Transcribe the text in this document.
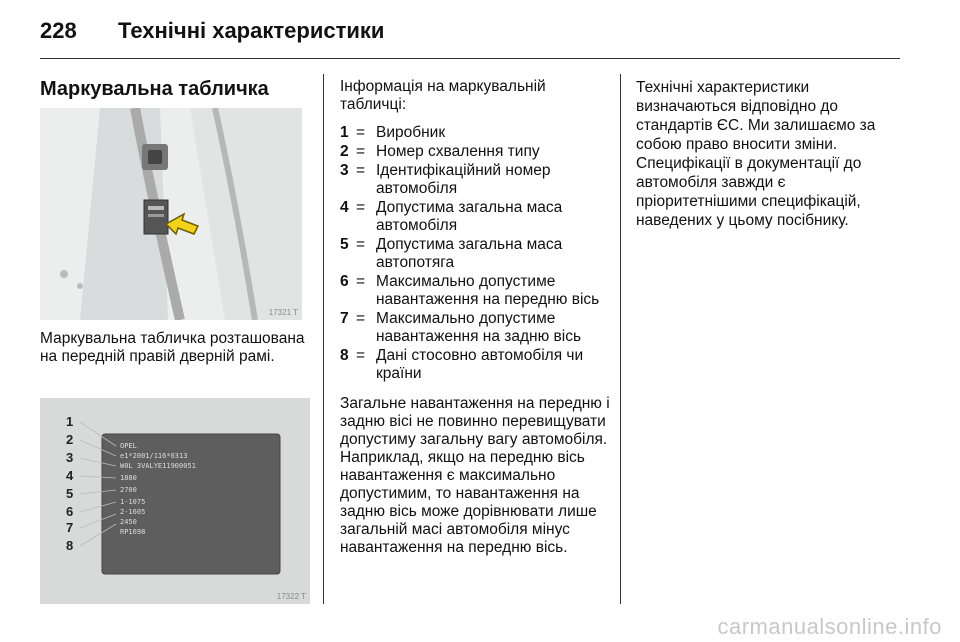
228 Технічні характеристики
Маркувальна табличка
17321 T
Маркувальна табличка розташована на передній правій дверній рамі.
OPEL
e1*2001/116*0313
W0L 3VALYE11900051
1880
2700
1-1075
2-1605
2450
RP1698
1
2
3
4
5
6
7
8
17322 T

Інформація на маркувальній табличці:

1 = Виробник
2 = Номер схвалення типу
3 = Ідентифікаційний номер автомобіля
4 = Допустима загальна маса автомобіля
5 = Допустима загальна маса автопотяга
6 = Максимально допустиме навантаження на передню вісь
7 = Максимально допустиме навантаження на задню вісь
8 = Дані стосовно автомобіля чи країни

Загальне навантаження на передню і задню вісі не повинно перевищувати допустиму загальну вагу автомобіля. Наприклад, якщо на передню вісь навантаження є максимально допустимим, то навантаження на задню вісь може дорівнювати лише загальній масі автомобіля мінус навантаження на передню вісь.

Технічні характеристики визначаються відповідно до стандартів ЄС. Ми залишаємо за собою право вносити зміни. Специфікації в документації до автомобіля завжди є пріоритетнішими специфікацій, наведених у цьому посібнику.

carmanualsonline.info
